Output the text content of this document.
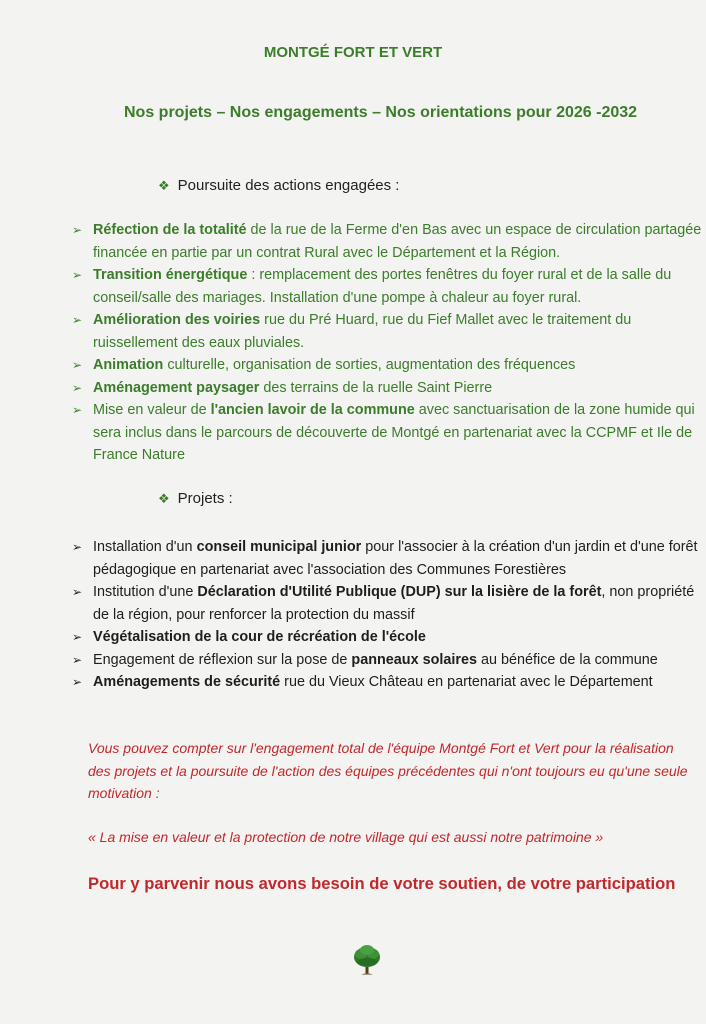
MONTGÉ FORT ET VERT
Nos projets – Nos engagements – Nos orientations pour 2026 -2032
❖ Poursuite des actions engagées :
➢ Réfection de la totalité de la rue de la Ferme d'en Bas avec un espace de circulation partagée financée en partie par un contrat Rural avec le Département et la Région.
➢ Transition énergétique : remplacement des portes fenêtres du foyer rural et de la salle du conseil/salle des mariages. Installation d'une pompe à chaleur au foyer rural.
➢ Amélioration des voiries rue du Pré Huard, rue du Fief Mallet avec le traitement du ruissellement des eaux pluviales.
➢ Animation culturelle, organisation de sorties, augmentation des fréquences
➢ Aménagement paysager des terrains de la ruelle Saint Pierre
➢ Mise en valeur de l'ancien lavoir de la commune avec sanctuarisation de la zone humide qui sera inclus dans le parcours de découverte de Montgé en partenariat avec la CCPMF et Ile de France Nature
❖ Projets :
➢ Installation d'un conseil municipal junior pour l'associer à la création d'un jardin et d'une forêt pédagogique en partenariat avec l'association des Communes Forestières
➢ Institution d'une Déclaration d'Utilité Publique (DUP) sur la lisière de la forêt, non propriété de la région, pour renforcer la protection du massif
➢ Végétalisation de la cour de récréation de l'école
➢ Engagement de réflexion sur la pose de panneaux solaires au bénéfice de la commune
➢ Aménagements de sécurité rue du Vieux Château en partenariat avec le Département
Vous pouvez compter sur l'engagement total de l'équipe Montgé Fort et Vert pour la réalisation des projets et la poursuite de l'action des équipes précédentes qui n'ont toujours eu qu'une seule motivation :
« La mise en valeur et la protection de notre village qui est aussi notre patrimoine »
Pour y parvenir nous avons besoin de votre soutien, de votre participation
